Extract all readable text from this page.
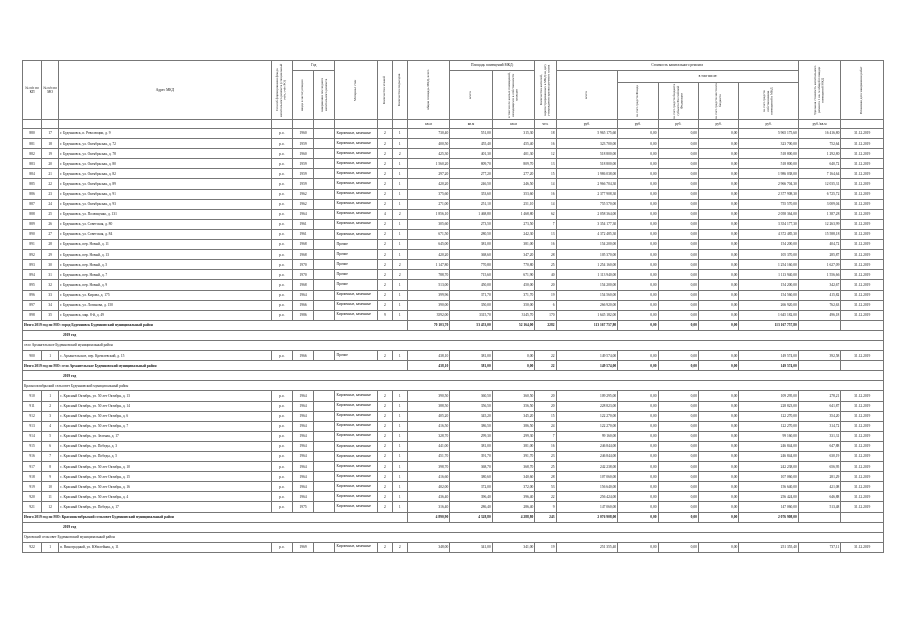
№ п/п по КП	№ п/п по МО	Адрес МКД	Способ формирования фонда капитального ремонта (специальный счёт, счёт РО)	Год		Материал стен	Количество этажей	Количество подъездов	общая площадь МКД, всего	Площадь помещений МКД:		Количество жителей, зарегистрированных в МКД на дату утверждения краткосрочного плана	Стоимость капитального ремонта					Удельная стоимость капитального ремонта 1 кв. м общей площади помещений МКД	Плановая дата завершения работ

				ввода в эксплуатацию	завершения последнего капитального ремонта					всего	в том числе жилых помещений, находящихся в собственности граждан		всего	в том числе:					

														за счет средств Фонда	за счет средств бюджета субъекта Российской Федерации	за счет средств местного бюджета	за счет средств собственников помещений в МКД		

									кв.м	кв.м	кв.м	чел.	руб.	руб.	руб.	руб.	руб.	руб./кв.м	
880	17	г. Буденновск, п. Революции, д. 9	р.о.	1960		Кирпичные, каменные	2	1	730,40	551,00	315,30	18	5 965 175,60	0,00	0,00	0,00	5 965 175,60	16 416,80	31.12.2019
881	18	г. Буденновск, ул. Октябрьская, д. 72	р.о.	1959		Кирпичные, каменные	2	1	400,50	455,40	455,40	16	323 700,00	0,00	0,00	0,00	323 700,00	752,64	31.12.2019
882	19	г. Буденновск, ул. Октябрьская, д. 78	р.о.	1960		Кирпичные, каменные	2	2	425,30	401,30	401,30	12	518 800,00	0,00	0,00	0,00	518 800,00	1 292,80	31.12.2019
883	20	г. Буденновск, ул. Октябрьская, д. 80	р.о.	1959		Кирпичные, каменные	2	1	1 560,20	809,70	809,70	13	518 800,00	0,00	0,00	0,00	518 800,00	640,72	31.12.2019
884	21	г. Буденновск, ул. Октябрьская, д. 82	р.о.	1959		Кирпичные, каменные	2	1	297,20	277,20	277,20	15	1 986 038,00	0,00	0,00	0,00	1 986 038,00	7 164,64	31.12.2019
885	22	г. Буденновск, ул. Октябрьская, д. 89	р.о.	1959		Кирпичные, каменные	2	1	420,20	246,50	246,50	14	2 966 704,30	0,00	0,00	0,00	2 966 704,30	12 035,31	31.12.2019
886	23	г. Буденновск, ул. Октябрьская, д. 91	р.о.	1962		Кирпичные, каменные	2	1	375,60	353,60	353,60	16	2 377 908,30	0,00	0,00	0,00	2 377 908,30	6 725,72	31.12.2019
887	24	г. Буденновск, ул. Октябрьская, д. 93	р.о.	1962		Кирпичные, каменные	2	1	271,00	251,10	251,10	14	755 570,00	0,00	0,00	0,00	755 570,00	3 009,04	31.12.2019
888	25	г. Буденновск, ул. Полющенко, д. 131	р.о.	1964		Кирпичные, каменные	4	2	1 856,10	1 468,80	1 468,80	62	2 058 364,00	0,00	0,00	0,00	2 058 364,00	1 387,28	31.12.2019
889	26	г. Буденновск, ул. Советская, д. 80	р.о.	1961		Кирпичные, каменные	2	1	305,60	273,50	273,50	7	3 354 177,30	0,00	0,00	0,00	3 354 177,30	12 263,99	31.12.2019
890	27	г. Буденновск, ул. Советская, д. 84	р.о.	1961		Кирпичные, каменные	2	1	671,50	280,50	242,30	13	4 372 485,30	0,00	0,00	0,00	4 372 485,30	15 588,18	31.12.2019
891	28	г. Буденновск, пер. Новый, д. 11	р.о.	1968		Прочие	2	1	645,00	381,00	381,00	16	154 200,00	0,00	0,00	0,00	154 200,00	404,72	31.12.2019
892	29	г. Буденновск, пер. Новый, д. 13	р.о.	1968		Прочие	2	1	420,20	368,60	347,20	28	105 370,00	0,00	0,00	0,00	105 370,00	285,87	31.12.2019
893	30	г. Буденновск, пер. Новый, д. 5	р.о.	1970		Прочие	2	2	1 147,80	770,80	770,80	25	1 254 160,00	0,00	0,00	0,00	1 254 160,00	1 627,09	31.12.2019
894	31	г. Буденновск, пер. Новый, д. 7	р.о.	1970		Прочие	2	2	788,70	715,60	671,90	40	1 113 940,00	0,00	0,00	0,00	1 113 940,00	1 556,66	31.12.2019
895	32	г. Буденновск, пер. Новый, д. 9	р.о.	1968		Прочие	2	1	513,00	450,00	450,00	20	154 200,00	0,00	0,00	0,00	154 200,00	342,67	31.12.2019
896	33	г. Буденновск, ул. Кирова, д. 175	р.о.	1964		Кирпичные, каменные	2	1	399,96	371,70	371,70	19	154 560,00	0,00	0,00	0,00	154 560,00	415,82	31.12.2019
897	34	г. Буденновск, ул. Логинова, д. 150	р.о.	1966		Кирпичные, каменные	2	1	390,00	350,00	350,00	6	266 920,00	0,00	0,00	0,00	266 920,00	762,63	31.12.2019
898	35	г. Буденновск, мкр. 8-й, д. 49	р.о.	1986		Кирпичные, каменные	9	1	3592,00	3315,70	3145,70	170	1 645 182,00	0,00	0,00	0,00	1 645 182,00	496,18	31.12.2019
Итого 2019 год по МО: город Буденновск Буденновский муниципальный район									70 103,70	53 453,00	52 164,00	2282	113 167 757,80	0,00	0,00	0,00	113 167 757,80		
2019 год																			
село Архангельское Буденновский муниципальный район																			
900	1	с. Архангельское, пер. Кремлевский, д. 15	р.о.	1966		Прочие	2	1	438,10	381,00	0,00	22	149 574,00	0,00	0,00	0,00	149 574,00	392,58	31.12.2019
Итого 2019 год по МО: село Архангельское Буденновский муниципальный район									438,10	381,00	0,00	22	149 574,00	0,00	0,00	0,00	149 574,00		
2019 год																			
Краснооктябрьский сельсовет Буденновский муниципальный район																			
910	1	с. Красный Октябрь, ул. 50 лет Октября, д. 13	р.о.	1964		Кирпичные, каменные	2	1	390,50	360,50	360,50	20	109 295,00	0,00	0,00	0,00	109 295,00	278,21	31.12.2019
911	2	с. Красный Октябрь, ул. 50 лет Октября, д. 14	р.о.	1964		Кирпичные, каменные	2	1	388,50	356,50	356,50	20	228 823,00	0,00	0,00	0,00	228 823,00	641,87	31.12.2019
912	3	с. Красный Октябрь, ул. 50 лет Октября, д. 6	р.о.	1964		Кирпичные, каменные	2	1	405,20	345,20	345,20	15	122 270,00	0,00	0,00	0,00	122 270,00	354,20	31.12.2019
913	4	с. Красный Октябрь, ул. 50 лет Октября, д. 7	р.о.	1964		Кирпичные, каменные	2	1	416,50	386,50	386,50	24	122 270,00	0,00	0,00	0,00	122 270,00	314,72	31.12.2019
914	5	с. Красный Октябрь, ул. Зеленая, д. 17	р.о.	1964		Кирпичные, каменные	2	1	328,70	299,30	299,30	7	99 160,00	0,00	0,00	0,00	99 160,00	331,31	31.12.2019
915	6	с. Красный Октябрь, ул. Победы, д. 3	р.о.	1964		Кирпичные, каменные	2	1	441,00	381,00	381,00	16	246 844,00	0,00	0,00	0,00	246 844,00	647,88	31.12.2019
916	7	с. Красный Октябрь, ул. Победы, д. 5	р.о.	1964		Кирпичные, каменные	2	1	451,70	391,70	391,70	23	246 844,00	0,00	0,00	0,00	246 844,00	630,19	31.12.2019
917	8	с. Красный Октябрь, ул. 50 лет Октября, д. 10	р.о.	1964		Кирпичные, каменные	2	1	398,70	368,70	368,70	25	242 238,00	0,00	0,00	0,00	242 238,00	656,95	31.12.2019
918	9	с. Красный Октябрь, ул. 50 лет Октября, д. 15	р.о.	1964		Кирпичные, каменные	2	1	416,60	380,60	340,60	28	107 060,00	0,00	0,00	0,00	107 060,00	281,29	31.12.2019
919	10	с. Красный Октябрь, ул. 50 лет Октября, д. 16	р.о.	1964		Кирпичные, каменные	2	1	402,00	372,00	372,00	53	156 640,00	0,00	0,00	0,00	156 640,00	421,08	31.12.2019
920	11	с. Красный Октябрь, ул. 50 лет Октября, д. 4	р.о.	1964		Кирпичные, каменные	2	1	436,40	396,40	396,40	22	256 424,00	0,00	0,00	0,00	256 424,00	646,88	31.12.2019
921	12	с. Красный Октябрь, ул. Победы, д. 17	р.о.	1975		Кирпичные, каменные	2	1	316,40	286,40	286,40	9	147 060,00	0,00	0,00	0,00	147 060,00	513,48	31.12.2019
Итого 2019 год по МО: Краснооктябрьский сельсовет Буденновский муниципальный район									4 890,90	4 328,80	4 288,80	243	2 076 908,00	0,00	0,00	0,00	2 076 908,00		
2019 год																			
Орловский сельсовет Буденновский муниципальный район																			
922	1	п. Виноградный, ул. Юбилейная, д. 11	р.о.	1969		Кирпичные, каменные	2	2	348,00	341,00	341,00	19	251 355,40	0,00	0,00	0,00	251 355,40	737,11	31.12.2019
